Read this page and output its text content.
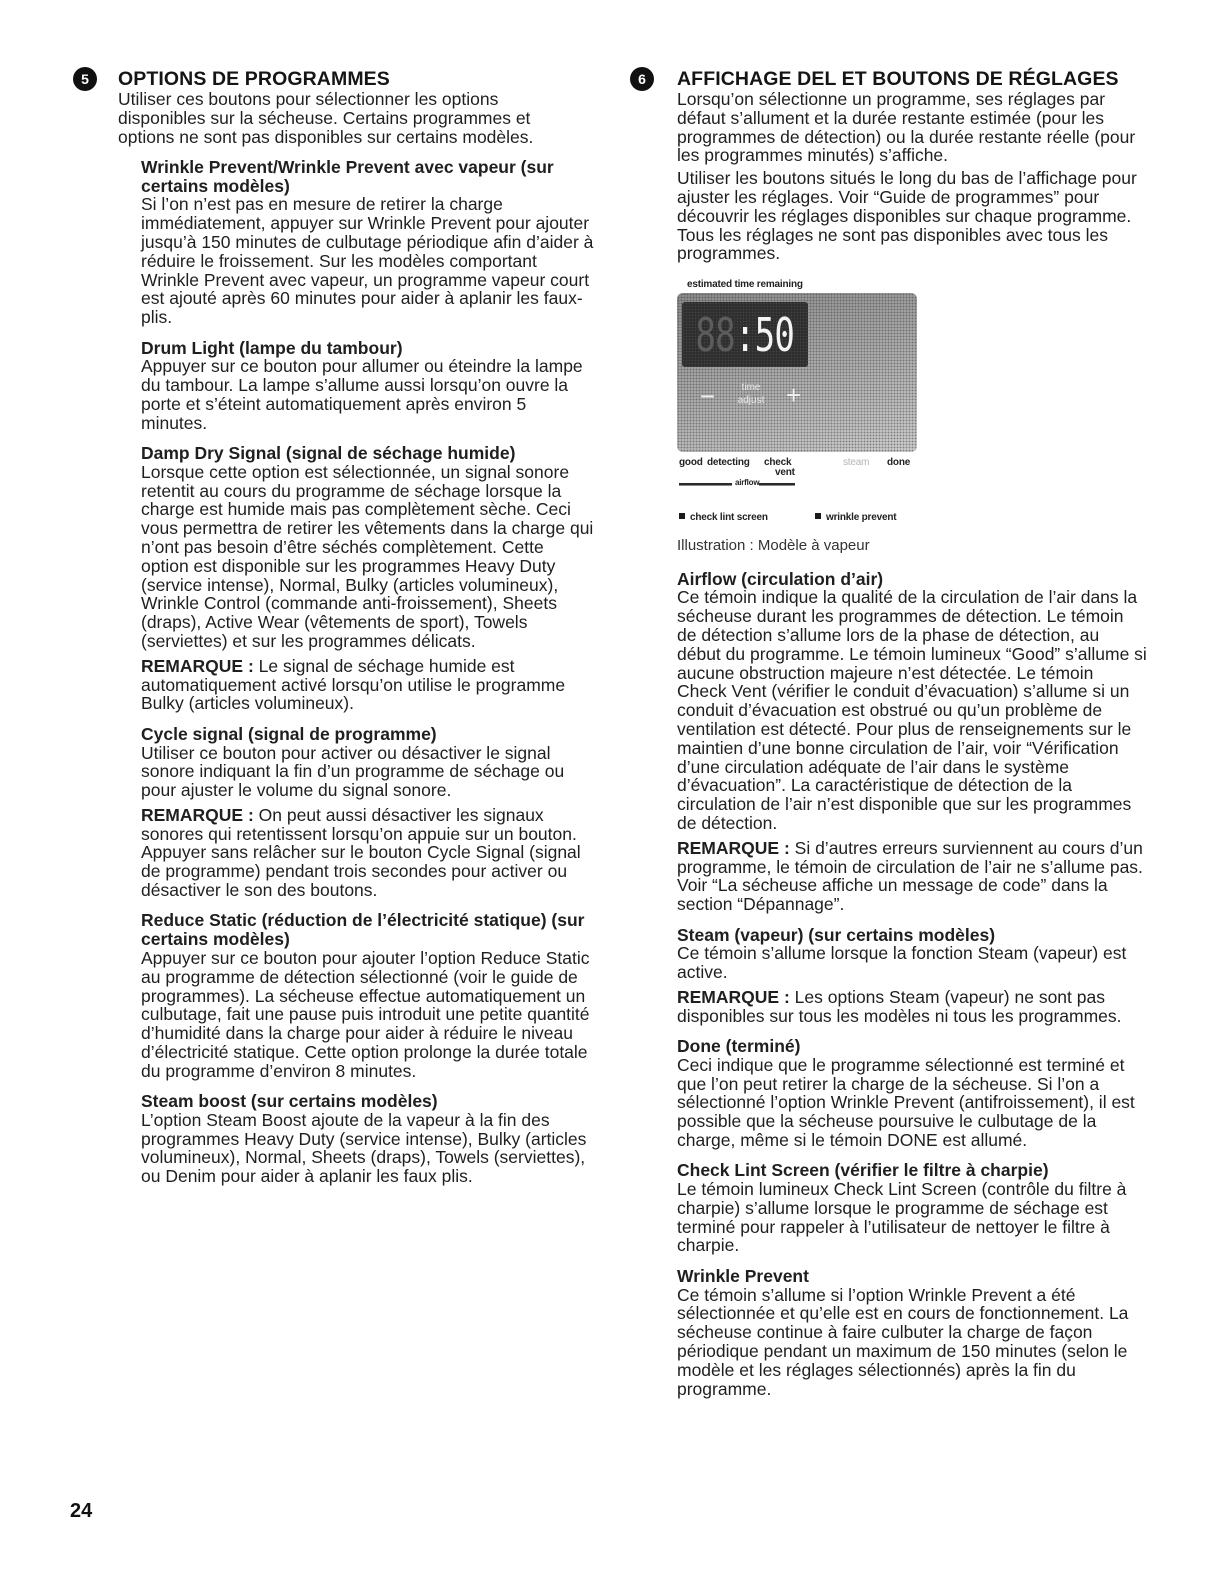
5	OPTIONS DE PROGRAMMES

Utiliser ces boutons pour sélectionner les options disponibles sur la sécheuse. Certains programmes et options ne sont pas disponibles sur certains modèles.

Wrinkle Prevent/Wrinkle Prevent avec vapeur (sur certains modèles)

Si l’on n’est pas en mesure de retirer la charge immédiatement, appuyer sur Wrinkle Prevent pour ajouter jusqu’à 150 minutes de culbutage périodique afin d’aider à réduire le froissement. Sur les modèles comportant Wrinkle Prevent avec vapeur, un programme vapeur court est ajouté après 60 minutes pour aider à aplanir les faux-plis.

Drum Light (lampe du tambour)

Appuyer sur ce bouton pour allumer ou éteindre la lampe du tambour. La lampe s’allume aussi lorsqu’on ouvre la porte et s’éteint automatiquement après environ 5 minutes.

Damp Dry Signal (signal de séchage humide)

Lorsque cette option est sélectionnée, un signal sonore retentit au cours du programme de séchage lorsque la charge est humide mais pas complètement sèche. Ceci vous permettra de retirer les vêtements dans la charge qui n’ont pas besoin d’être séchés complètement. Cette option est disponible sur les programmes Heavy Duty (service intense), Normal, Bulky (articles volumineux), Wrinkle Control (commande anti-froissement), Sheets (draps), Active Wear (vêtements de sport), Towels (serviettes) et sur les programmes délicats.

REMARQUE : Le signal de séchage humide est automatiquement activé lorsqu’on utilise le programme Bulky (articles volumineux).

Cycle signal (signal de programme)

Utiliser ce bouton pour activer ou désactiver le signal sonore indiquant la fin d’un programme de séchage ou pour ajuster le volume du signal sonore.

REMARQUE : On peut aussi désactiver les signaux sonores qui retentissent lorsqu’on appuie sur un bouton. Appuyer sans relâcher sur le bouton Cycle Signal (signal de programme) pendant trois secondes pour activer ou désactiver le son des boutons.

Reduce Static (réduction de l’électricité statique) (sur certains modèles)

Appuyer sur ce bouton pour ajouter l’option Reduce Static au programme de détection sélectionné (voir le guide de programmes). La sécheuse effectue automatiquement un culbutage, fait une pause puis introduit une petite quantité d’humidité dans la charge pour aider à réduire le niveau d’électricité statique. Cette option prolonge la durée totale du programme d’environ 8 minutes.

Steam boost (sur certains modèles)

L’option Steam Boost ajoute de la vapeur à la fin des programmes Heavy Duty (service intense), Bulky (articles volumineux), Normal, Sheets (draps), Towels (serviettes), ou Denim pour aider à aplanir les faux plis.

6	AFFICHAGE DEL ET BOUTONS DE RÉGLAGES

Lorsqu’on sélectionne un programme, ses réglages par défaut s’allument et la durée restante estimée (pour les programmes de détection) ou la durée restante réelle (pour les programmes minutés) s’affiche.

Utiliser les boutons situés le long du bas de l’affichage pour ajuster les réglages. Voir “Guide de programmes” pour découvrir les réglages disponibles sur chaque programme. Tous les réglages ne sont pas disponibles avec tous les programmes.

estimated time remaining
88:50
−	time
adjust +
good detecting check
vent
steam done
airflow
check lint screen	wrinkle prevent
Illustration : Modèle à vapeur

Airflow (circulation d’air)

Ce témoin indique la qualité de la circulation de l’air dans la sécheuse durant les programmes de détection. Le témoin de détection s’allume lors de la phase de détection, au début du programme. Le témoin lumineux “Good” s’allume si aucune obstruction majeure n’est détectée. Le témoin Check Vent (vérifier le conduit d’évacuation) s’allume si un conduit d’évacuation est obstrué ou qu’un problème de ventilation est détecté. Pour plus de renseignements sur le maintien d’une bonne circulation de l’air, voir “Vérification d’une circulation adéquate de l’air dans le système d’évacuation”. La caractéristique de détection de la circulation de l’air n’est disponible que sur les programmes de détection.

REMARQUE : Si d’autres erreurs surviennent au cours d’un programme, le témoin de circulation de l’air ne s’allume pas. Voir “La sécheuse affiche un message de code” dans la section “Dépannage”.

Steam (vapeur) (sur certains modèles)

Ce témoin s’allume lorsque la fonction Steam (vapeur) est active.

REMARQUE : Les options Steam (vapeur) ne sont pas disponibles sur tous les modèles ni tous les programmes.

Done (terminé)

Ceci indique que le programme sélectionné est terminé et que l’on peut retirer la charge de la sécheuse. Si l’on a sélectionné l’option Wrinkle Prevent (antifroissement), il est possible que la sécheuse poursuive le culbutage de la charge, même si le témoin DONE est allumé.

Check Lint Screen (vérifier le filtre à charpie)

Le témoin lumineux Check Lint Screen (contrôle du filtre à charpie) s’allume lorsque le programme de séchage est terminé pour rappeler à l’utilisateur de nettoyer le filtre à charpie.

Wrinkle Prevent

Ce témoin s’allume si l’option Wrinkle Prevent a été sélectionnée et qu’elle est en cours de fonctionnement. La sécheuse continue à faire culbuter la charge de façon périodique pendant un maximum de 150 minutes (selon le modèle et les réglages sélectionnés) après la fin du programme.

24
